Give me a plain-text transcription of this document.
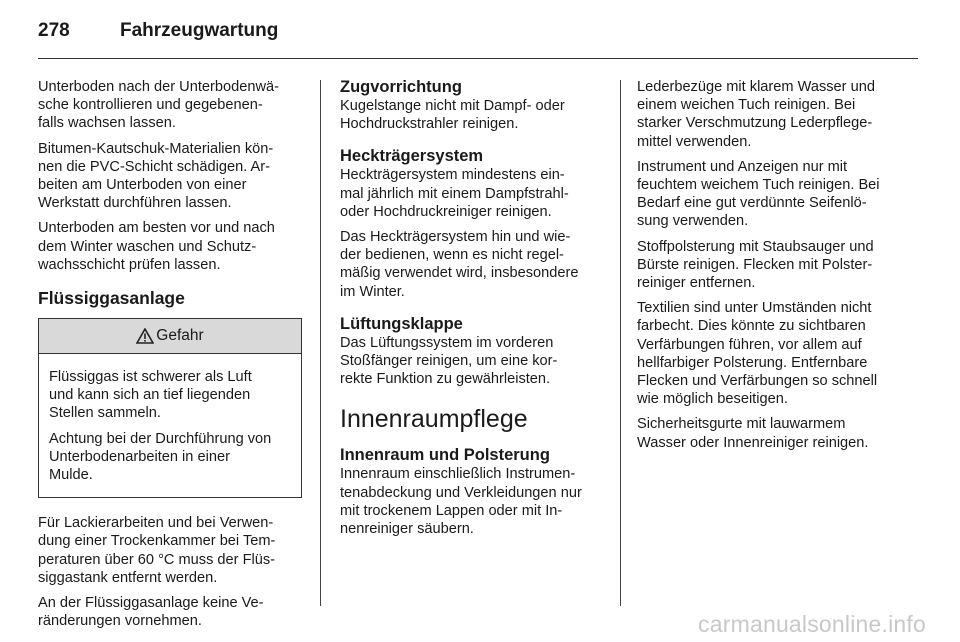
278	Fahrzeugwartung

Unterboden nach der Unterbodenwä-
sche kontrollieren und gegebenen-
falls wachsen lassen.

Bitumen-Kautschuk-Materialien kön-
nen die PVC-Schicht schädigen. Ar-
beiten am Unterboden von einer
Werkstatt durchführen lassen.

Unterboden am besten vor und nach
dem Winter waschen und Schutz-
wachsschicht prüfen lassen.

Flüssiggasanlage
Gefahr

Flüssiggas ist schwerer als Luft
und kann sich an tief liegenden
Stellen sammeln.

Achtung bei der Durchführung von
Unterbodenarbeiten in einer
Mulde.

Für Lackierarbeiten und bei Verwen-
dung einer Trockenkammer bei Tem-
peraturen über 60 °C muss der Flüs-
siggastank entfernt werden.

An der Flüssiggasanlage keine Ve-
ränderungen vornehmen.

Zugvorrichtung

Kugelstange nicht mit Dampf- oder
Hochdruckstrahler reinigen.

Heckträgersystem

Heckträgersystem mindestens ein-
mal jährlich mit einem Dampfstrahl-
oder Hochdruckreiniger reinigen.

Das Heckträgersystem hin und wie-
der bedienen, wenn es nicht regel-
mäßig verwendet wird, insbesondere
im Winter.

Lüftungsklappe

Das Lüftungssystem im vorderen
Stoßfänger reinigen, um eine kor-
rekte Funktion zu gewährleisten.

Innenraumpflege
Innenraum und Polsterung

Innenraum einschließlich Instrumen-
tenabdeckung und Verkleidungen nur
mit trockenem Lappen oder mit In-
nenreiniger säubern.

Lederbezüge mit klarem Wasser und
einem weichen Tuch reinigen. Bei
starker Verschmutzung Lederpflege-
mittel verwenden.

Instrument und Anzeigen nur mit
feuchtem weichem Tuch reinigen. Bei
Bedarf eine gut verdünnte Seifenlö-
sung verwenden.

Stoffpolsterung mit Staubsauger und
Bürste reinigen. Flecken mit Polster-
reiniger entfernen.

Textilien sind unter Umständen nicht
farbecht. Dies könnte zu sichtbaren
Verfärbungen führen, vor allem auf
hellfarbiger Polsterung. Entfernbare
Flecken und Verfärbungen so schnell
wie möglich beseitigen.

Sicherheitsgurte mit lauwarmem
Wasser oder Innenreiniger reinigen.

carmanualsonline.info
